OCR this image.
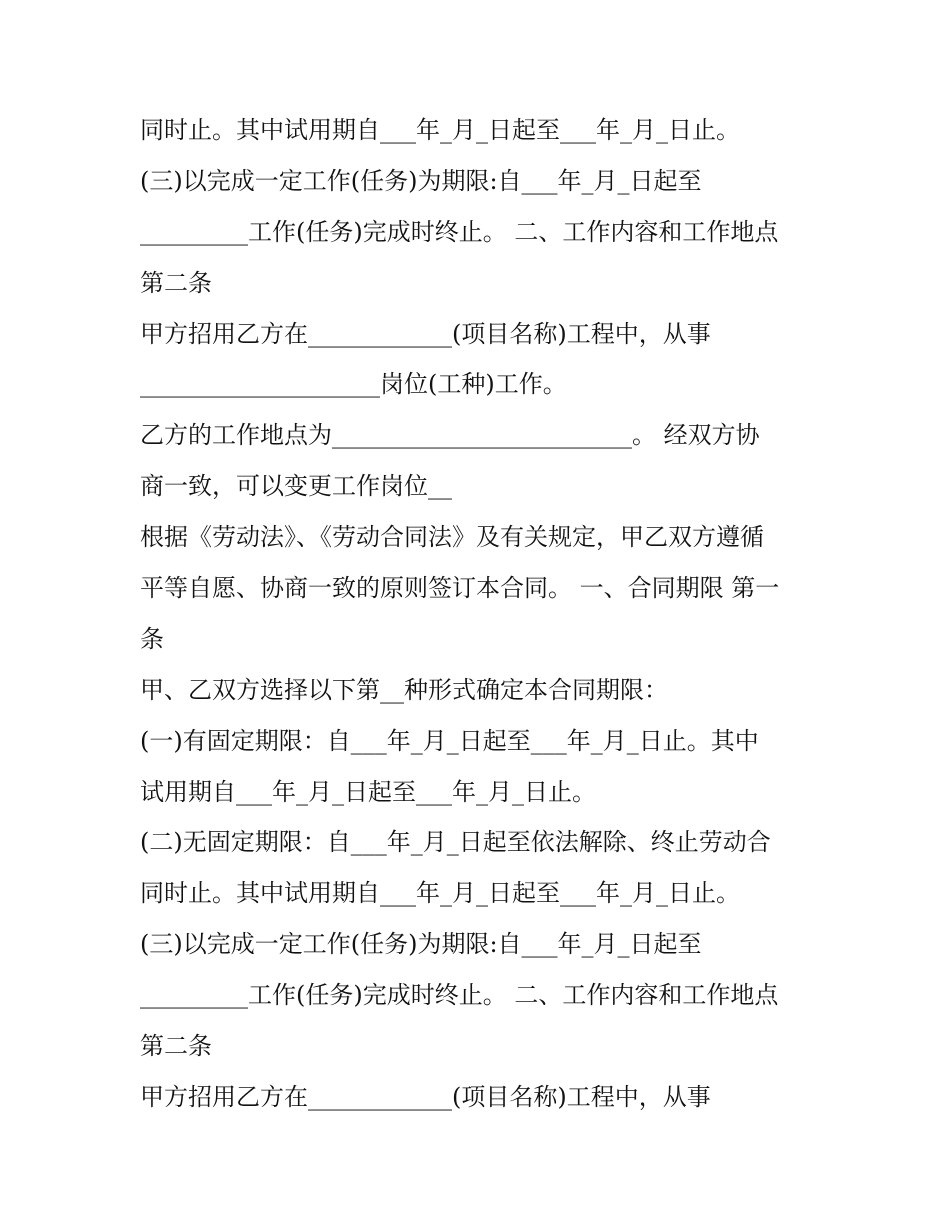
同时止。其中试用期自___年_月_日起至___年_月_日止。
(三)以完成一定工作(任务)为期限:自___年_月_日起至
_________工作(任务)完成时终止。 二、工作内容和工作地点
第二条
甲方招用乙方在____________(项目名称)工程中，从事
____________________岗位(工种)工作。
乙方的工作地点为_________________________。 经双方协
商一致，可以变更工作岗位__
根据《劳动法》、《劳动合同法》及有关规定，甲乙双方遵循
平等自愿、协商一致的原则签订本合同。 一、合同期限 第一
条
甲、乙双方选择以下第__种形式确定本合同期限：
(一)有固定期限：自___年_月_日起至___年_月_日止。其中
试用期自___年_月_日起至___年_月_日止。
(二)无固定期限：自___年_月_日起至依法解除、终止劳动合
同时止。其中试用期自___年_月_日起至___年_月_日止。
(三)以完成一定工作(任务)为期限:自___年_月_日起至
_________工作(任务)完成时终止。 二、工作内容和工作地点
第二条
甲方招用乙方在____________(项目名称)工程中，从事
